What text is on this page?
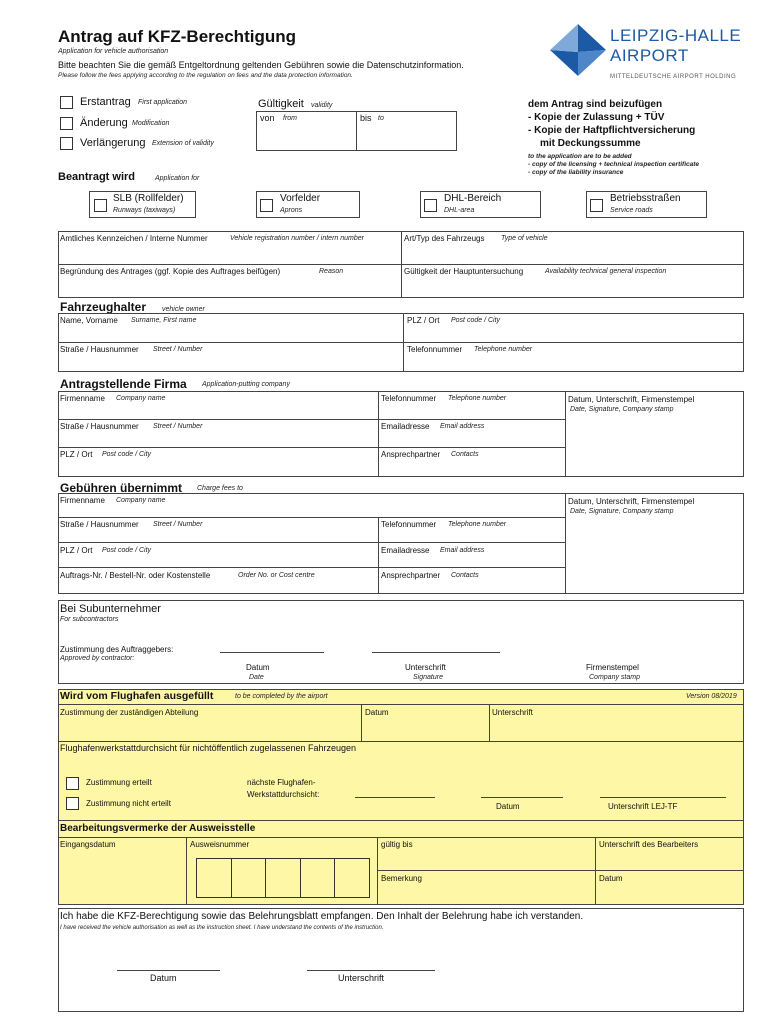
Antrag auf KFZ-Berechtigung
Application for vehicle authorisation
Bitte beachten Sie die gemäß Entgeltordnung geltenden Gebühren sowie die Datenschutzinformation.
Please follow the fees applying according to the regulation on fees and the data protection information.
LEIPZIG-HALLE
AIRPORT
MITTELDEUTSCHE AIRPORT HOLDING
Erstantrag First application
Änderung Modification
Verlängerung Extension of validity
Gültigkeit validity
von from	bis to
dem Antrag sind beizufügen
- Kopie der Zulassung + TÜV
- Kopie der Haftpflichtversicherung
mit Deckungssumme
to the application are to be added
- copy of the licensing + technical inspection certificate
- copy of the liability insurance
Beantragt wird	Application for
SLB (Rollfelder)
Runways (taxiways)
Vorfelder
Aprons
DHL-Bereich
DHL-area
Betriebsstraßen
Service roads
Amtliches Kennzeichen / Interne Nummer	Vehicle registration number / intern number	Art/Typ des Fahrzeugs Type of vehicle
Begründung des Antrages (ggf. Kopie des Auftrages beifügen)	Reason	Gültigkeit der Hauptuntersuchung	Availability technical general inspection
Fahrzeughalter vehicle owner
Name, Vorname Surname, First name	PLZ / Ort Post code / City
Straße / Hausnummer Street / Number	Telefonnummer Telephone number
Antragstellende Firma Application-putting company
Firmenname Company name	Telefonnummer Telephone number	Datum, Unterschrift, Firmenstempel
Date, Signature, Company stamp
Straße / Hausnummer Street / Number	Emailadresse Email address
PLZ / Ort Post code / City	Ansprechpartner Contacts
Gebühren übernimmt Charge fees to
Firmenname Company name	Datum, Unterschrift, Firmenstempel
Date, Signature, Company stamp
Straße / Hausnummer Street / Number	Telefonnummer Telephone number
PLZ / Ort Post code / City	Emailadresse Email address
Auftrags-Nr. / Bestell-Nr. oder Kostenstelle	Order No. or Cost centre	Ansprechpartner Contacts
Bei Subunternehmer
For subcontractors
Zustimmung des Auftraggebers:
Approved by contractor:
Datum
Date
Unterschrift
Signature
Firmenstempel
Company stamp
Wird vom Flughafen ausgefüllt	to be completed by the airport	Version 08/2019
Zustimmung der zuständigen Abteilung	Datum	Unterschrift
Flughafenwerkstattdurchsicht für nichtöffentlich zugelassenen Fahrzeugen
Zustimmung erteilt
Zustimmung nicht erteilt
nächste Flughafen-
Werkstattdurchsicht:
Datum	Unterschrift LEJ-TF
Bearbeitungsvermerke der Ausweisstelle
Eingangsdatum	Ausweisnummer	gültig bis	Unterschrift des Bearbeiters
Bemerkung	Datum
Ich habe die KFZ-Berechtigung sowie das Belehrungsblatt empfangen. Den Inhalt der Belehrung habe ich verstanden.
I have received the vehicle authorisation as well as the instruction sheet. I have understand the contents of the instruction.
Datum	Unterschrift
